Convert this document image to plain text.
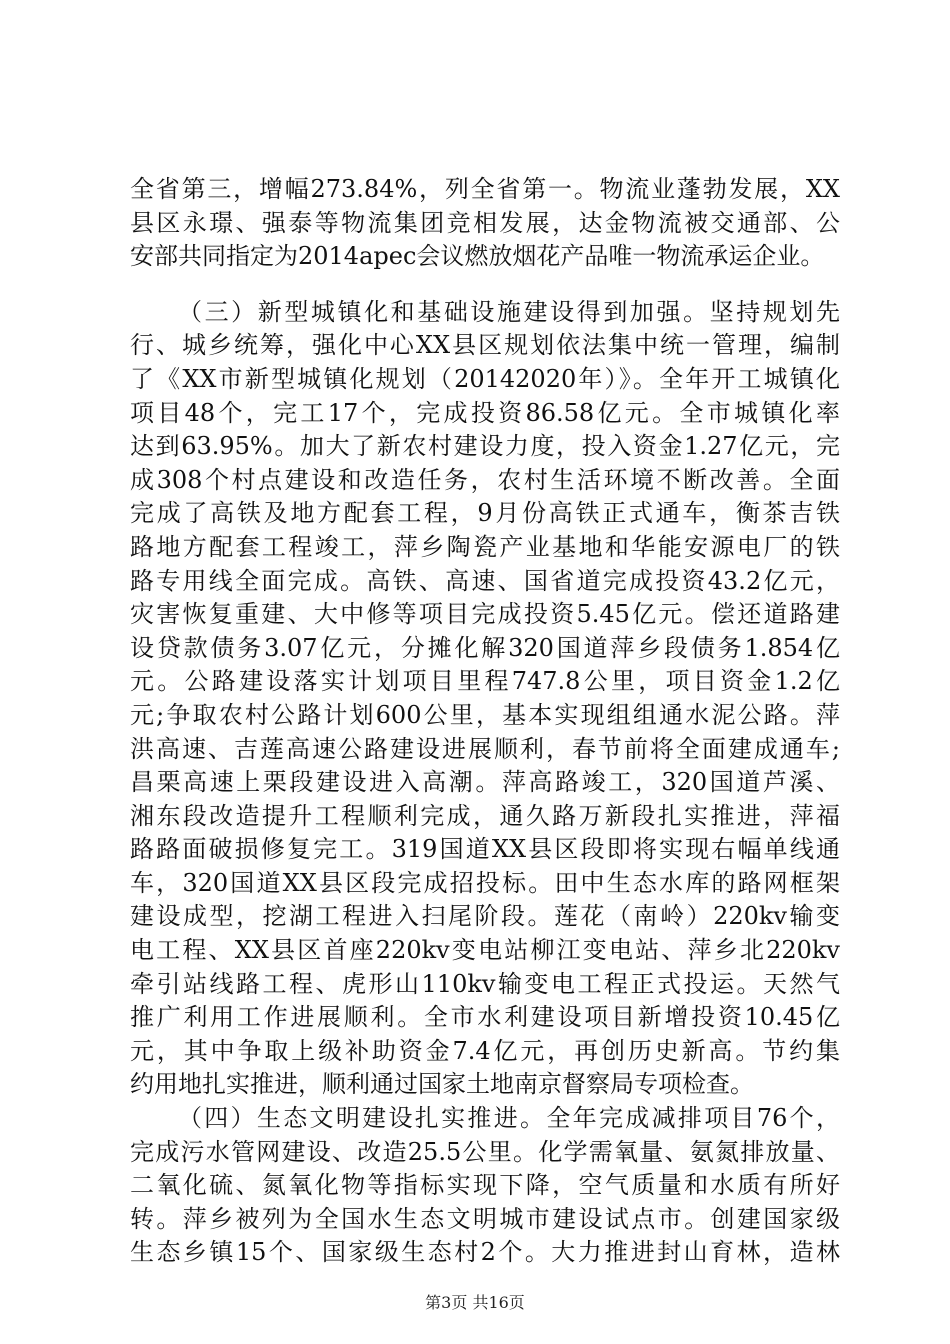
全省第三，增幅273.84%，列全省第一。物流业蓬勃发展，XX
县区永璟、强泰等物流集团竞相发展，达金物流被交通部、公
安部共同指定为2014apec会议燃放烟花产品唯一物流承运企业。
（三）新型城镇化和基础设施建设得到加强。坚持规划先
行、城乡统筹，强化中心XX县区规划依法集中统一管理，编制
了《XX市新型城镇化规划（20142020年）》。全年开工城镇化
项目48个，完工17个，完成投资86.58亿元。全市城镇化率
达到63.95%。加大了新农村建设力度，投入资金1.27亿元，完
成308个村点建设和改造任务，农村生活环境不断改善。全面
完成了高铁及地方配套工程，9月份高铁正式通车，衡茶吉铁
路地方配套工程竣工，萍乡陶瓷产业基地和华能安源电厂的铁
路专用线全面完成。高铁、高速、国省道完成投资43.2亿元，
灾害恢复重建、大中修等项目完成投资5.45亿元。偿还道路建
设贷款债务3.07亿元，分摊化解320国道萍乡段债务1.854亿
元。公路建设落实计划项目里程747.8公里，项目资金1.2亿
元;争取农村公路计划600公里，基本实现组组通水泥公路。萍
洪高速、吉莲高速公路建设进展顺利，春节前将全面建成通车;
昌栗高速上栗段建设进入高潮。萍高路竣工，320国道芦溪、
湘东段改造提升工程顺利完成，通久路万新段扎实推进，萍福
路路面破损修复完工。319国道XX县区段即将实现右幅单线通
车，320国道XX县区段完成招投标。田中生态水库的路网框架
建设成型，挖湖工程进入扫尾阶段。莲花（南岭）220kv输变
电工程、XX县区首座220kv变电站柳江变电站、萍乡北220kv
牵引站线路工程、虎形山110kv输变电工程正式投运。天然气
推广利用工作进展顺利。全市水利建设项目新增投资10.45亿
元，其中争取上级补助资金7.4亿元，再创历史新高。节约集
约用地扎实推进，顺利通过国家土地南京督察局专项检查。
（四）生态文明建设扎实推进。全年完成减排项目76个，
完成污水管网建设、改造25.5公里。化学需氧量、氨氮排放量、
二氧化硫、氮氧化物等指标实现下降，空气质量和水质有所好
转。萍乡被列为全国水生态文明城市建设试点市。创建国家级
生态乡镇15个、国家级生态村2个。大力推进封山育林，造林
第3页 共16页
